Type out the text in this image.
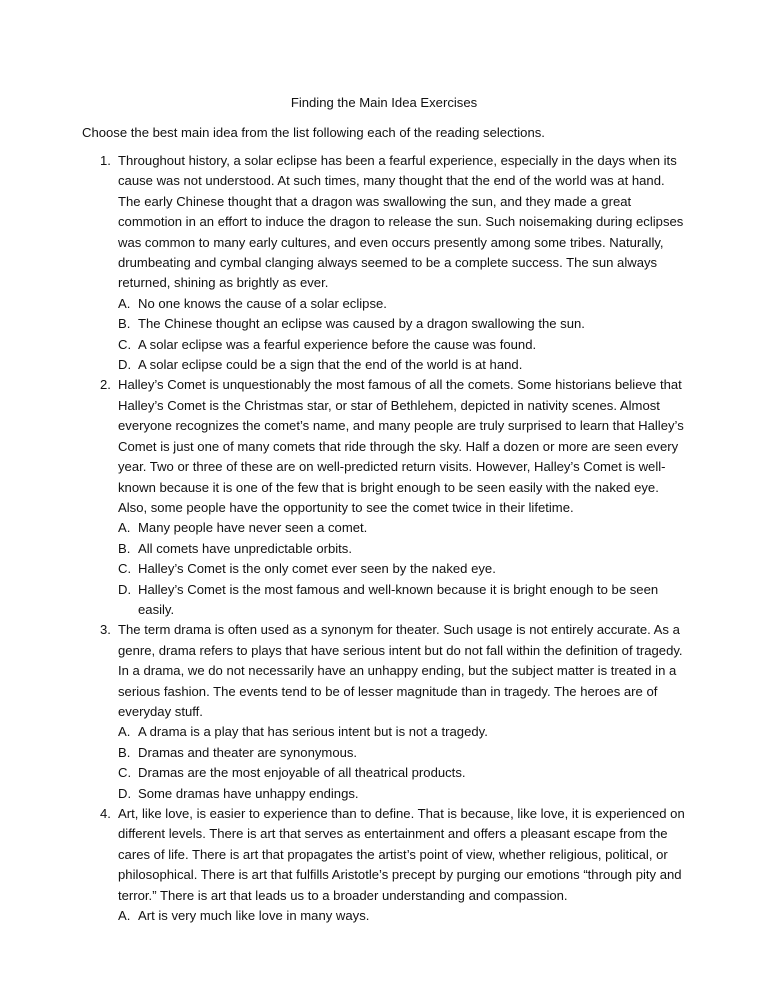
Finding the Main Idea Exercises

Choose the best main idea from the list following each of the reading selections.

1. Throughout history, a solar eclipse has been a fearful experience, especially in the days when its cause was not understood. At such times, many thought that the end of the world was at hand. The early Chinese thought that a dragon was swallowing the sun, and they made a great commotion in an effort to induce the dragon to release the sun. Such noisemaking during eclipses was common to many early cultures, and even occurs presently among some tribes. Naturally, drumbeating and cymbal clanging always seemed to be a complete success. The sun always returned, shining as brightly as ever.
A. No one knows the cause of a solar eclipse.
B. The Chinese thought an eclipse was caused by a dragon swallowing the sun.
C. A solar eclipse was a fearful experience before the cause was found.
D. A solar eclipse could be a sign that the end of the world is at hand.
2. Halley’s Comet is unquestionably the most famous of all the comets. Some historians believe that Halley’s Comet is the Christmas star, or star of Bethlehem, depicted in nativity scenes. Almost everyone recognizes the comet’s name, and many people are truly surprised to learn that Halley’s Comet is just one of many comets that ride through the sky. Half a dozen or more are seen every year. Two or three of these are on well-predicted return visits. However, Halley’s Comet is well-known because it is one of the few that is bright enough to be seen easily with the naked eye. Also, some people have the opportunity to see the comet twice in their lifetime.
A. Many people have never seen a comet.
B. All comets have unpredictable orbits.
C. Halley’s Comet is the only comet ever seen by the naked eye.
D. Halley’s Comet is the most famous and well-known because it is bright enough to be seen easily.
3. The term drama is often used as a synonym for theater. Such usage is not entirely accurate. As a genre, drama refers to plays that have serious intent but do not fall within the definition of tragedy. In a drama, we do not necessarily have an unhappy ending, but the subject matter is treated in a serious fashion. The events tend to be of lesser magnitude than in tragedy. The heroes are of everyday stuff.
A. A drama is a play that has serious intent but is not a tragedy.
B. Dramas and theater are synonymous.
C. Dramas are the most enjoyable of all theatrical products.
D. Some dramas have unhappy endings.
4. Art, like love, is easier to experience than to define. That is because, like love, it is experienced on different levels. There is art that serves as entertainment and offers a pleasant escape from the cares of life. There is art that propagates the artist’s point of view, whether religious, political, or philosophical. There is art that fulfills Aristotle’s precept by purging our emotions “through pity and terror.” There is art that leads us to a broader understanding and compassion.
A. Art is very much like love in many ways.
